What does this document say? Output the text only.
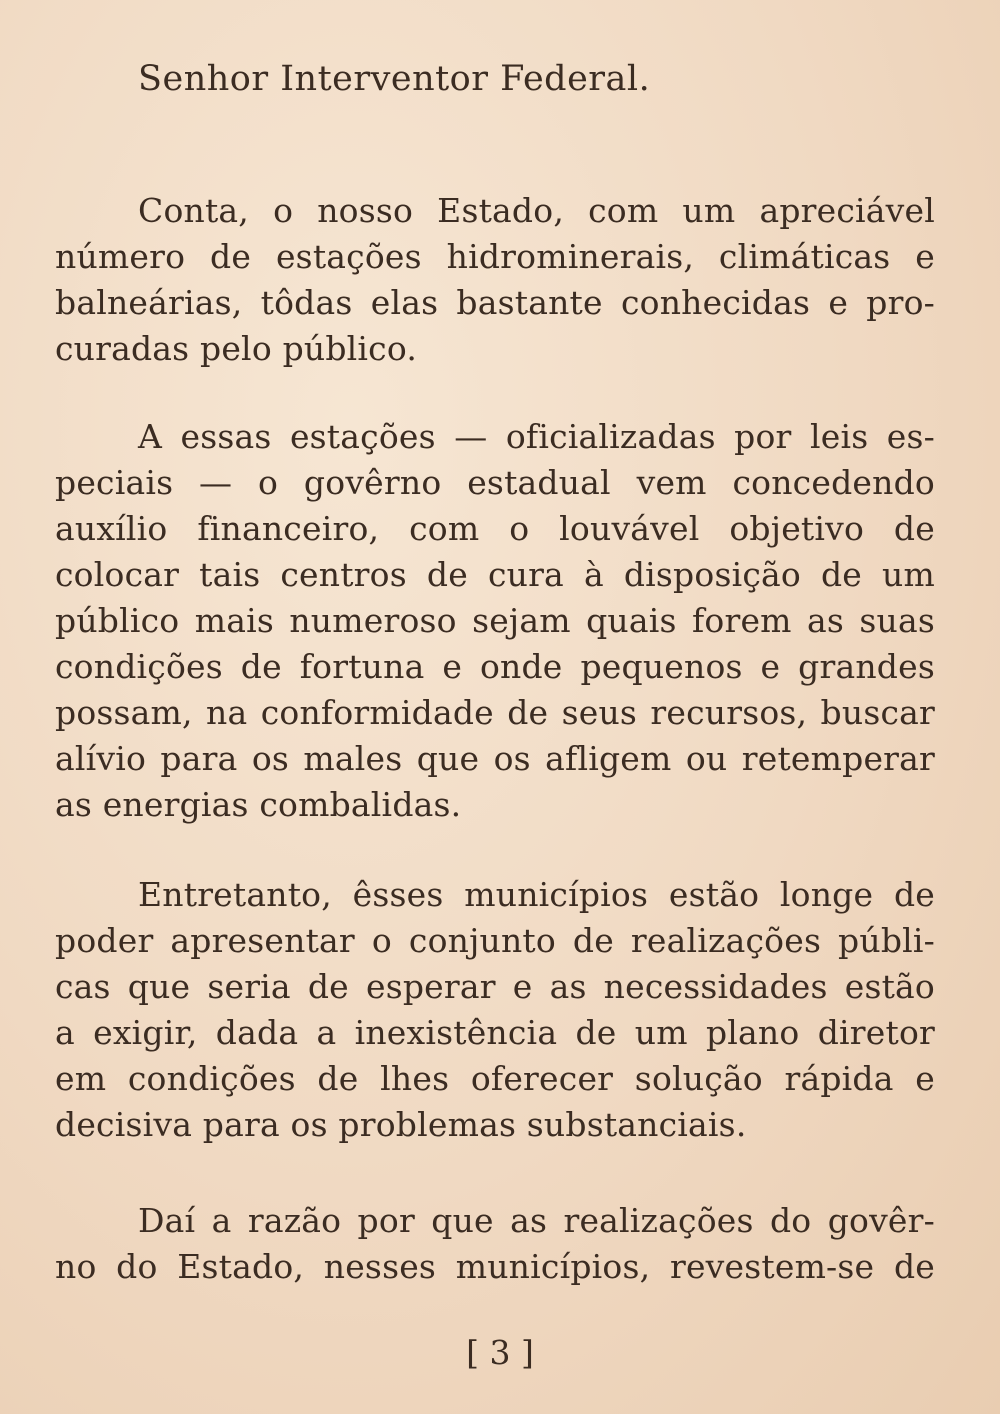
Senhor Interventor Federal.
Conta, o nosso Estado, com um apreciável
número de estações hidrominerais, climáticas e
balneárias, tôdas elas bastante conhecidas e pro-
curadas pelo público.
A essas estações — oficializadas por leis es-
peciais — o govêrno estadual vem concedendo
auxílio financeiro, com o louvável objetivo de
colocar tais centros de cura à disposição de um
público mais numeroso sejam quais forem as suas
condições de fortuna e onde pequenos e grandes
possam, na conformidade de seus recursos, buscar
alívio para os males que os afligem ou retemperar
as energias combalidas.
Entretanto, êsses municípios estão longe de
poder apresentar o conjunto de realizações públi-
cas que seria de esperar e as necessidades estão
a exigir, dada a inexistência de um plano diretor
em condições de lhes oferecer solução rápida e
decisiva para os problemas substanciais.
Daí a razão por que as realizações do govêr-
no do Estado, nesses municípios, revestem-se de
[ 3 ]
